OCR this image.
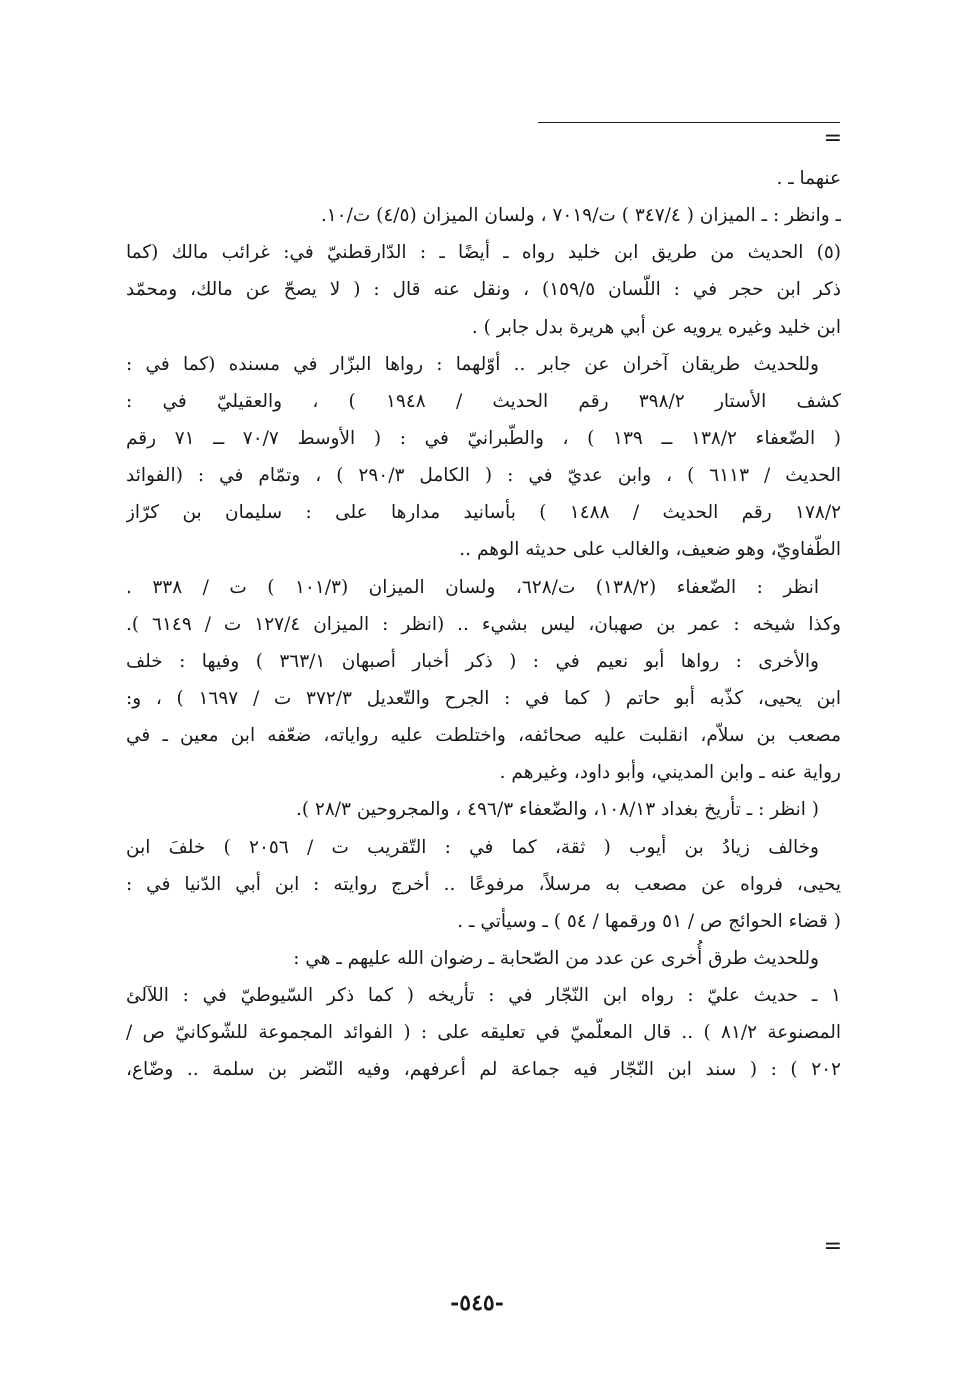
=
عنهما ـ .
ـ وانظر : ـ الميزان ( ٣٤٧/٤ ) ت/٧٠١٩ ، ولسان الميزان (٤/٥) ت/١٠.
(٥) الحديث من طريق ابن خليد رواه ـ أيضًا ـ : الدّارقطنيّ في: غرائب مالك (كما
ذكر ابن حجر في : اللّسان ١٥٩/٥) ، ونقل عنه قال : ( لا يصحّ عن مالك، ومحمّد
ابن خليد وغيره يرويه عن أبي هريرة بدل جابر ) .
وللحديث طريقان آخران عن جابر .. أوّلهما : رواها البزّار في مسنده (كما في :
كشف الأستار ٣٩٨/٢ رقم الحديث / ١٩٤٨ ) ، والعقيليّ في :
( الضّعفاء ١٣٨/٢ ــ ١٣٩ ) ، والطّبرانيّ في : ( الأوسط ٧٠/٧ ــ ٧١ رقم
الحديث / ٦١١٣ ) ، وابن عديّ في : ( الكامل ٢٩٠/٣ ) ، وتمّام في : (الفوائد
١٧٨/٢ رقم الحديث / ١٤٨٨ ) بأسانيد مدارها على : سليمان بن كرّاز
الطّفاويّ، وهو ضعيف، والغالب على حديثه الوهم ..
انظر : الضّعفاء (١٣٨/٢) ت/٦٢٨، ولسان الميزان (١٠١/٣ ) ت / ٣٣٨ .
وكذا شيخه : عمر بن صهبان، ليس بشيء .. (انظر : الميزان ١٢٧/٤ ت / ٦١٤٩ ).
والأخرى : رواها أبو نعيم في : ( ذكر أخبار أصبهان ٣٦٣/١ ) وفيها : خلف
ابن يحيى، كذّبه أبو حاتم ( كما في : الجرح والتّعديل ٣٧٢/٣ ت / ١٦٩٧ ) ، و:
مصعب بن سلاّم، انقلبت عليه صحائفه، واختلطت عليه رواياته، ضعّفه ابن معين ـ في
رواية عنه ـ وابن المديني، وأبو داود، وغيرهم .
( انظر : ـ تأريخ بغداد ١٠٨/١٣، والضّعفاء ٤٩٦/٣ ، والمجروحين ٢٨/٣ ).
وخالف زيادُ بن أيوب ( ثقة، كما في : التّقريب ت / ٢٠٥٦ ) خلفَ ابن
يحيى، فرواه عن مصعب به مرسلاً، مرفوعًا .. أخرج روايته : ابن أبي الدّنيا في :
( قضاء الحوائج ص / ٥١ ورقمها / ٥٤ ) ـ وسيأتي ـ .
وللحديث طرق أُخرى عن عدد من الصّحابة ـ رضوان الله عليهم ـ هي :
١ ـ حديث عليّ : رواه ابن النّجّار في : تأريخه ( كما ذكر السّيوطيّ في : اللآلئ
المصنوعة ٨١/٢ ) .. قال المعلّميّ في تعليقه على : ( الفوائد المجموعة للشّوكانيّ ص /
٢٠٢ ) : ( سند ابن النّجّار فيه جماعة لم أعرفهم، وفيه النّضر بن سلمة .. وضّاع،
=
-٥٤٥-
